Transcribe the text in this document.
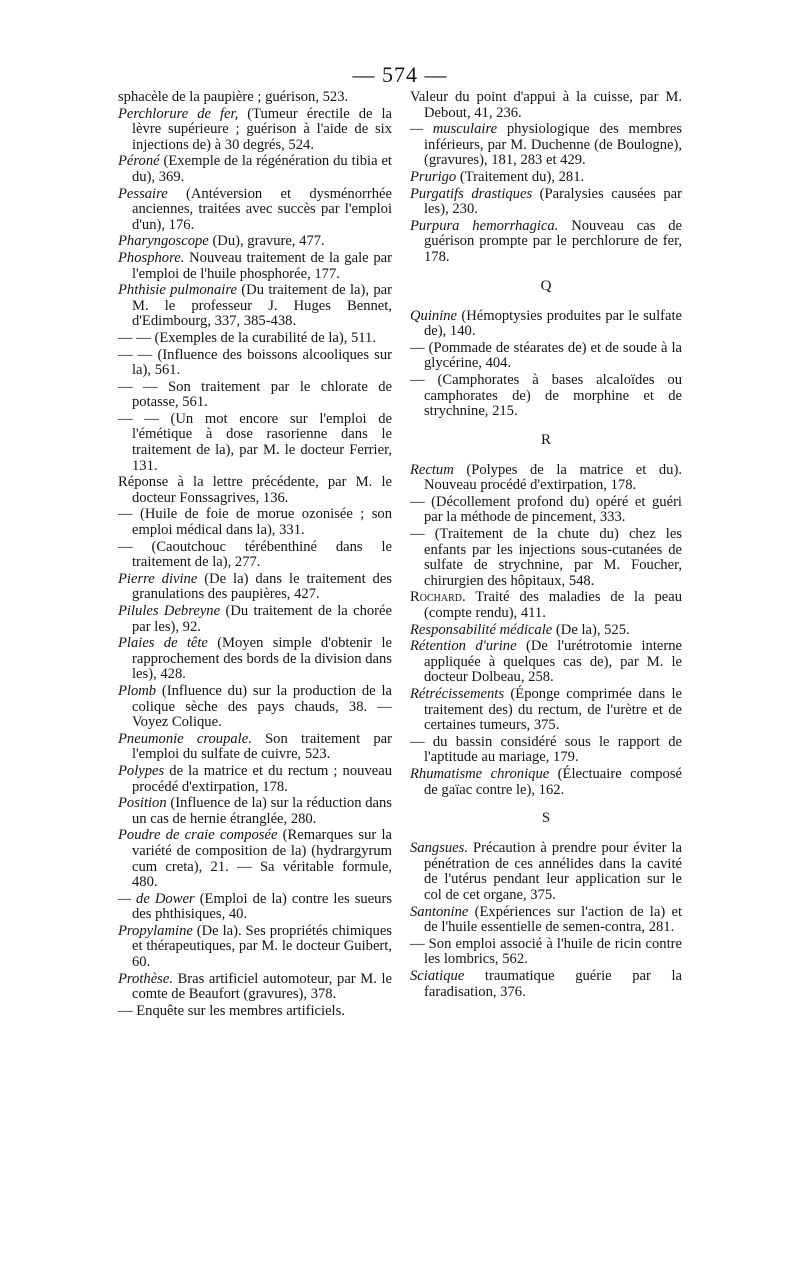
— 574 —

sphacèle de la paupière ; guérison, 523.

Perchlorure de fer, (Tumeur érectile de la lèvre supérieure ; guérison à l'aide de six injections de) à 30 degrés, 524.

Péroné (Exemple de la régénération du tibia et du), 369.

Pessaire (Antéversion et dysménorrhée anciennes, traitées avec succès par l'emploi d'un), 176.

Pharyngoscope (Du), gravure, 477.

Phosphore. Nouveau traitement de la gale par l'emploi de l'huile phosphorée, 177.

Phthisie pulmonaire (Du traitement de la), par M. le professeur J. Huges Bennet, d'Edimbourg, 337, 385-438.

— — (Exemples de la curabilité de la), 511.

— — (Influence des boissons alcooliques sur la), 561.

— — Son traitement par le chlorate de potasse, 561.

— — (Un mot encore sur l'emploi de l'émétique à dose rasorienne dans le traitement de la), par M. le docteur Ferrier, 131.

Réponse à la lettre précédente, par M. le docteur Fonssagrives, 136.

— (Huile de foie de morue ozonisée ; son emploi médical dans la), 331.

— (Caoutchouc térébenthiné dans le traitement de la), 277.

Pierre divine (De la) dans le traitement des granulations des paupières, 427.

Pilules Debreyne (Du traitement de la chorée par les), 92.

Plaies de tête (Moyen simple d'obtenir le rapprochement des bords de la division dans les), 428.

Plomb (Influence du) sur la production de la colique sèche des pays chauds, 38. — Voyez Colique.

Pneumonie croupale. Son traitement par l'emploi du sulfate de cuivre, 523.

Polypes de la matrice et du rectum ; nouveau procédé d'extirpation, 178.

Position (Influence de la) sur la réduction dans un cas de hernie étranglée, 280.

Poudre de craie composée (Remarques sur la variété de composition de la) (hydrargyrum cum creta), 21. — Sa véritable formule, 480.

— de Dower (Emploi de la) contre les sueurs des phthisiques, 40.

Propylamine (De la). Ses propriétés chimiques et thérapeutiques, par M. le docteur Guibert, 60.

Prothèse. Bras artificiel automoteur, par M. le comte de Beaufort (gravures), 378.

— Enquête sur les membres artificiels.

Valeur du point d'appui à la cuisse, par M. Debout, 41, 236.

— musculaire physiologique des membres inférieurs, par M. Duchenne (de Boulogne), (gravures), 181, 283 et 429.

Prurigo (Traitement du), 281.

Purgatifs drastiques (Paralysies causées par les), 230.

Purpura hemorrhagica. Nouveau cas de guérison prompte par le perchlorure de fer, 178.

Q

Quinine (Hémoptysies produites par le sulfate de), 140.

— (Pommade de stéarates de) et de soude à la glycérine, 404.

— (Camphorates à bases alcaloïdes ou camphorates de) de morphine et de strychnine, 215.

R

Rectum (Polypes de la matrice et du). Nouveau procédé d'extirpation, 178.

— (Décollement profond du) opéré et guéri par la méthode de pincement, 333.

— (Traitement de la chute du) chez les enfants par les injections sous-cutanées de sulfate de strychnine, par M. Foucher, chirurgien des hôpitaux, 548.

Rochard. Traité des maladies de la peau (compte rendu), 411.

Responsabilité médicale (De la), 525.

Rétention d'urine (De l'urétrotomie interne appliquée à quelques cas de), par M. le docteur Dolbeau, 258.

Rétrécissements (Éponge comprimée dans le traitement des) du rectum, de l'urètre et de certaines tumeurs, 375.

— du bassin considéré sous le rapport de l'aptitude au mariage, 179.

Rhumatisme chronique (Électuaire composé de gaïac contre le), 162.

S

Sangsues. Précaution à prendre pour éviter la pénétration de ces annélides dans la cavité de l'utérus pendant leur application sur le col de cet organe, 375.

Santonine (Expériences sur l'action de la) et de l'huile essentielle de semen-contra, 281.

— Son emploi associé à l'huile de ricin contre les lombrics, 562.

Sciatique traumatique guérie par la faradisation, 376.
